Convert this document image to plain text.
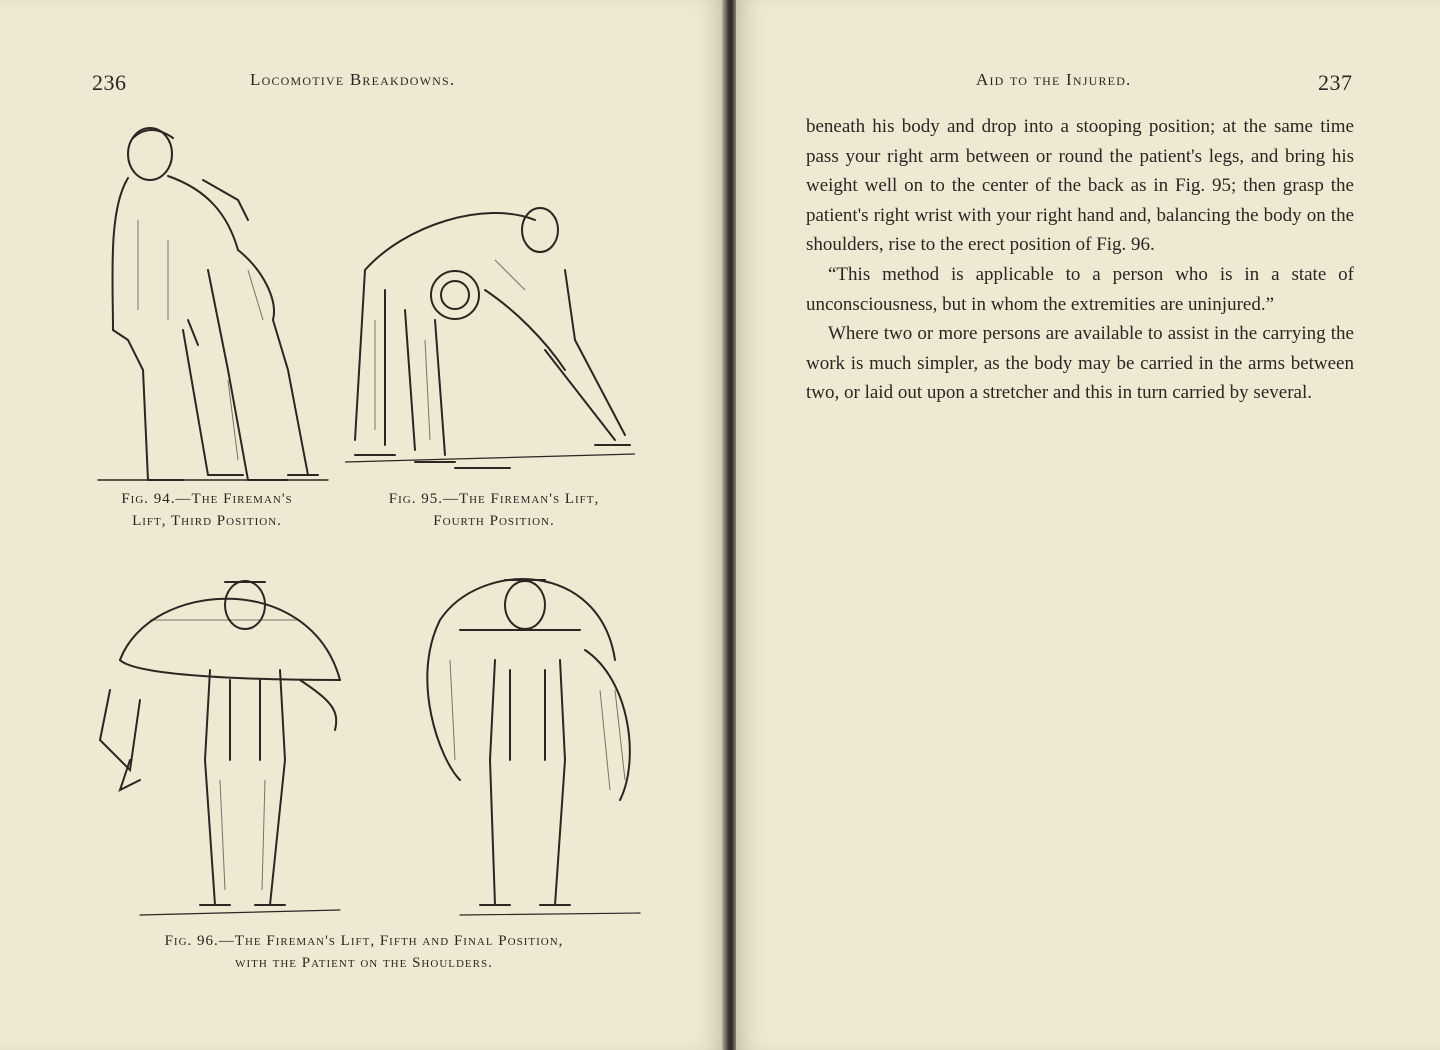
236	Locomotive Breakdowns.
Fig. 94.—The Fireman's
Lift, Third Position.
Fig. 95.—The Fireman's Lift,
Fourth Position.
Fig. 96.—The Fireman's Lift, Fifth and Final Position,
with the Patient on the Shoulders.
Aid to the Injured.	237

beneath his body and drop into a stooping position; at the same time pass your right arm between or round the patient's legs, and bring his weight well on to the center of the back as in Fig. 95; then grasp the patient's right wrist with your right hand and, balancing the body on the shoulders, rise to the erect position of Fig. 96.

“This method is applicable to a person who is in a state of unconsciousness, but in whom the extremities are uninjured.”

Where two or more persons are available to assist in the carrying the work is much simpler, as the body may be carried in the arms between two, or laid out upon a stretcher and this in turn carried by several.
